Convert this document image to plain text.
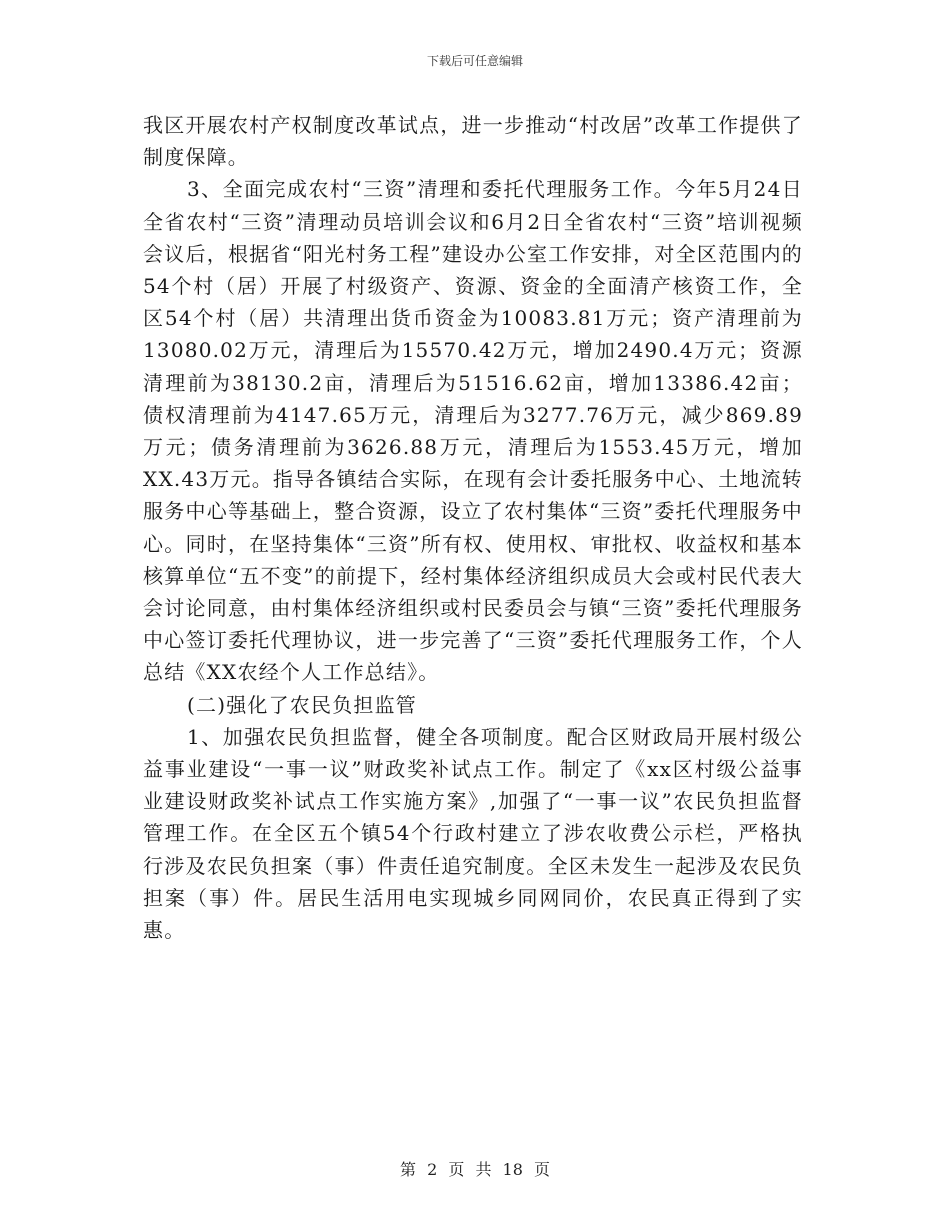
下载后可任意编辑

我区开展农村产权制度改革试点，进一步推动“村改居”改革工作提供了制度保障。

3、全面完成农村“三资”清理和委托代理服务工作。今年5月24日全省农村“三资”清理动员培训会议和6月2日全省农村“三资”培训视频会议后，根据省“阳光村务工程”建设办公室工作安排，对全区范围内的54个村（居）开展了村级资产、资源、资金的全面清产核资工作，全区54个村（居）共清理出货币资金为10083.81万元；资产清理前为13080.02万元，清理后为15570.42万元，增加2490.4万元；资源清理前为38130.2亩，清理后为51516.62亩，增加13386.42亩；债权清理前为4147.65万元，清理后为3277.76万元，减少869.89万元；债务清理前为3626.88万元，清理后为1553.45万元，增加XX.43万元。指导各镇结合实际，在现有会计委托服务中心、土地流转服务中心等基础上，整合资源，设立了农村集体“三资”委托代理服务中心。同时，在坚持集体“三资”所有权、使用权、审批权、收益权和基本核算单位“五不变”的前提下，经村集体经济组织成员大会或村民代表大会讨论同意，由村集体经济组织或村民委员会与镇“三资”委托代理服务中心签订委托代理协议，进一步完善了“三资”委托代理服务工作，个人总结《XX农经个人工作总结》。

(二)强化了农民负担监管

1、加强农民负担监督，健全各项制度。配合区财政局开展村级公益事业建设“一事一议”财政奖补试点工作。制定了《xx区村级公益事业建设财政奖补试点工作实施方案》,加强了“一事一议”农民负担监督管理工作。在全区五个镇54个行政村建立了涉农收费公示栏，严格执行涉及农民负担案（事）件责任追究制度。全区未发生一起涉及农民负担案（事）件。居民生活用电实现城乡同网同价，农民真正得到了实惠。

第 2 页 共 18 页
